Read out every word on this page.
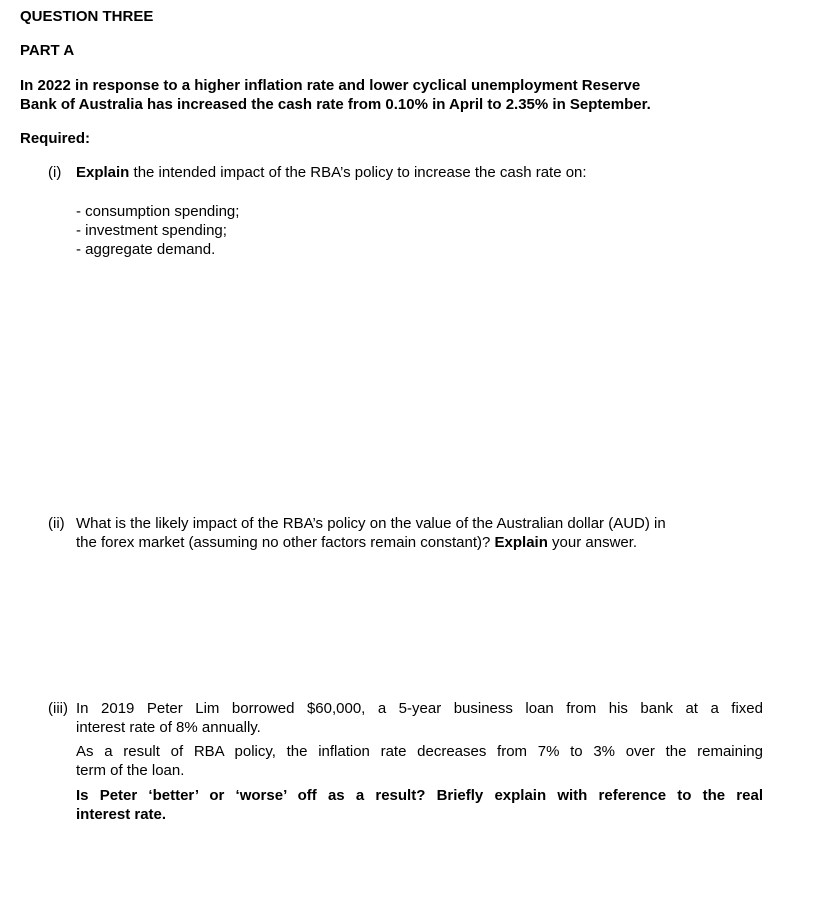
QUESTION THREE
PART A
In 2022 in response to a higher inflation rate and lower cyclical unemployment Reserve
Bank of Australia has increased the cash rate from 0.10% in April to 2.35% in September.
Required:
(i) Explain the intended impact of the RBA’s policy to increase the cash rate on:
- consumption spending;
- investment spending;
- aggregate demand.
(ii) What is the likely impact of the RBA’s policy on the value of the Australian dollar (AUD) in
the forex market (assuming no other factors remain constant)? Explain your answer.
(iii) In 2019 Peter Lim borrowed $60,000, a 5-year business loan from his bank at a fixed
interest rate of 8% annually.
As a result of RBA policy, the inflation rate decreases from 7% to 3% over the remaining
term of the loan.
Is Peter ‘better’ or ‘worse’ off as a result? Briefly explain with reference to the real
interest rate.
